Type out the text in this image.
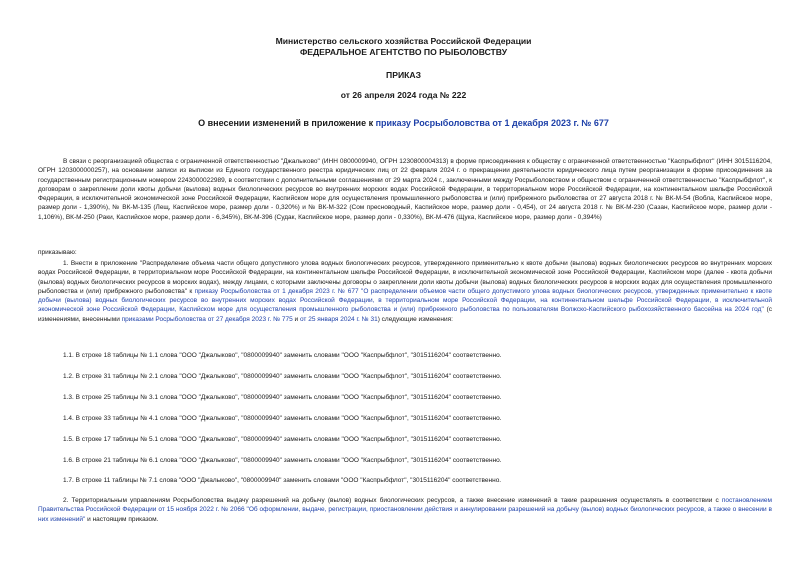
Министерство сельского хозяйства Российской Федерации
ФЕДЕРАЛЬНОЕ АГЕНТСТВО ПО РЫБОЛОВСТВУ
ПРИКАЗ
от 26 апреля 2024 года № 222
О внесении изменений в приложение к приказу Росрыболовства от 1 декабря 2023 г. № 677
В связи с реорганизацией общества с ограниченной ответственностью "Джалыково" (ИНН 0800009940, ОГРН 1230800004313) в форме присоединения к обществу с ограниченной ответственностью "Каспрыбфлот" (ИНН 3015116204, ОГРН 1203000000257), на основании записи из выписки из Единого государственного реестра юридических лиц от 22 февраля 2024 г. о прекращении деятельности юридического лица путем реорганизации в форме присоединения за государственным регистрационным номером 2243000022989, в соответствии с дополнительными соглашениями от 29 марта 2024 г., заключенными между Росрыболовством и обществом с ограниченной ответственностью "Каспрыбфлот", к договорам о закреплении доли квоты добычи (вылова) водных биологических ресурсов во внутренних морских водах Российской Федерации, в территориальном море Российской Федерации, на континентальном шельфе Российской Федерации, в исключительной экономической зоне Российской Федерации, Каспийском море для осуществления промышленного рыболовства и (или) прибрежного рыболовства от 27 августа 2018 г. № ВК-М-54 (Вобла, Каспийское море, размер доли - 1,390%), № ВК-М-135 (Лещ, Каспийское море, размер доли - 0,320%) и № ВК-М-322 (Сом пресноводный, Каспийское море, размер доли - 0,454), от 24 августа 2018 г. № ВК-М-230 (Сазан, Каспийское море, размер доли - 1,106%), ВК-М-250 (Раки, Каспийское море, размер доли - 6,345%), ВК-М-396 (Судак, Каспийское море, размер доли - 0,330%), ВК-М-476 (Щука, Каспийское море, размер доли - 0,394%)
приказываю:
1. Внести в приложение "Распределение объема части общего допустимого улова водных биологических ресурсов, утвержденного применительно к квоте добычи (вылова) водных биологических ресурсов во внутренних морских водах Российской Федерации, в территориальном море Российской Федерации, на континентальном шельфе Российской Федерации, в исключительной экономической зоне Российской Федерации, Каспийском море (далее - квота добычи (вылова) водных биологических ресурсов в морских водах), между лицами, с которыми заключены договоры о закреплении доли квоты добычи (вылова) водных биологических ресурсов в морских водах для осуществления промышленного рыболовства и (или) прибрежного рыболовства" к приказу Росрыболовства от 1 декабря 2023 г. № 677 "О распределении объемов части общего допустимого улова водных биологических ресурсов, утвержденных применительно к квоте добычи (вылова) водных биологических ресурсов во внутренних морских водах Российской Федерации, в территориальном море Российской Федерации, на континентальном шельфе Российской Федерации, в исключительной экономической зоне Российской Федерации, Каспийском море для осуществления промышленного рыболовства и (или) прибрежного рыболовства по пользователям Волжско-Каспийского рыбохозяйственного бассейна на 2024 год" (с изменениями, внесенными приказами Росрыболовства от 27 декабря 2023 г. № 775 и от 25 января 2024 г. № 31) следующие изменения:
1.1. В строке 18 таблицы № 1.1 слова "ООО "Джалыково", "0800009940" заменить словами "ООО "Каспрыбфлот", "3015116204" соответственно.
1.2. В строке 31 таблицы № 2.1 слова "ООО "Джалыково", "0800009940" заменить словами "ООО "Каспрыбфлот", "3015116204" соответственно.
1.3. В строке 25 таблицы № 3.1 слова "ООО "Джалыково", "0800009940" заменить словами "ООО "Каспрыбфлот", "3015116204" соответственно.
1.4. В строке 33 таблицы № 4.1 слова "ООО "Джалыково", "0800009940" заменить словами "ООО "Каспрыбфлот", "3015116204" соответственно.
1.5. В строке 17 таблицы № 5.1 слова "ООО "Джалыково", "0800009940" заменить словами "ООО "Каспрыбфлот", "3015116204" соответственно.
1.6. В строке 21 таблицы № 6.1 слова "ООО "Джалыково", "0800009940" заменить словами "ООО "Каспрыбфлот", "3015116204" соответственно.
1.7. В строке 11 таблицы № 7.1 слова "ООО "Джалыково", "0800009940" заменить словами "ООО "Каспрыбфлот", "3015116204" соответственно.
2. Территориальным управлениям Росрыболовства выдачу разрешений на добычу (вылов) водных биологических ресурсов, а также внесение изменений в такие разрешения осуществлять в соответствии с постановлением Правительства Российской Федерации от 15 ноября 2022 г. № 2066 "Об оформлении, выдаче, регистрации, приостановлении действия и аннулировании разрешений на добычу (вылов) водных биологических ресурсов, а также о внесении в них изменений" и настоящим приказом.
